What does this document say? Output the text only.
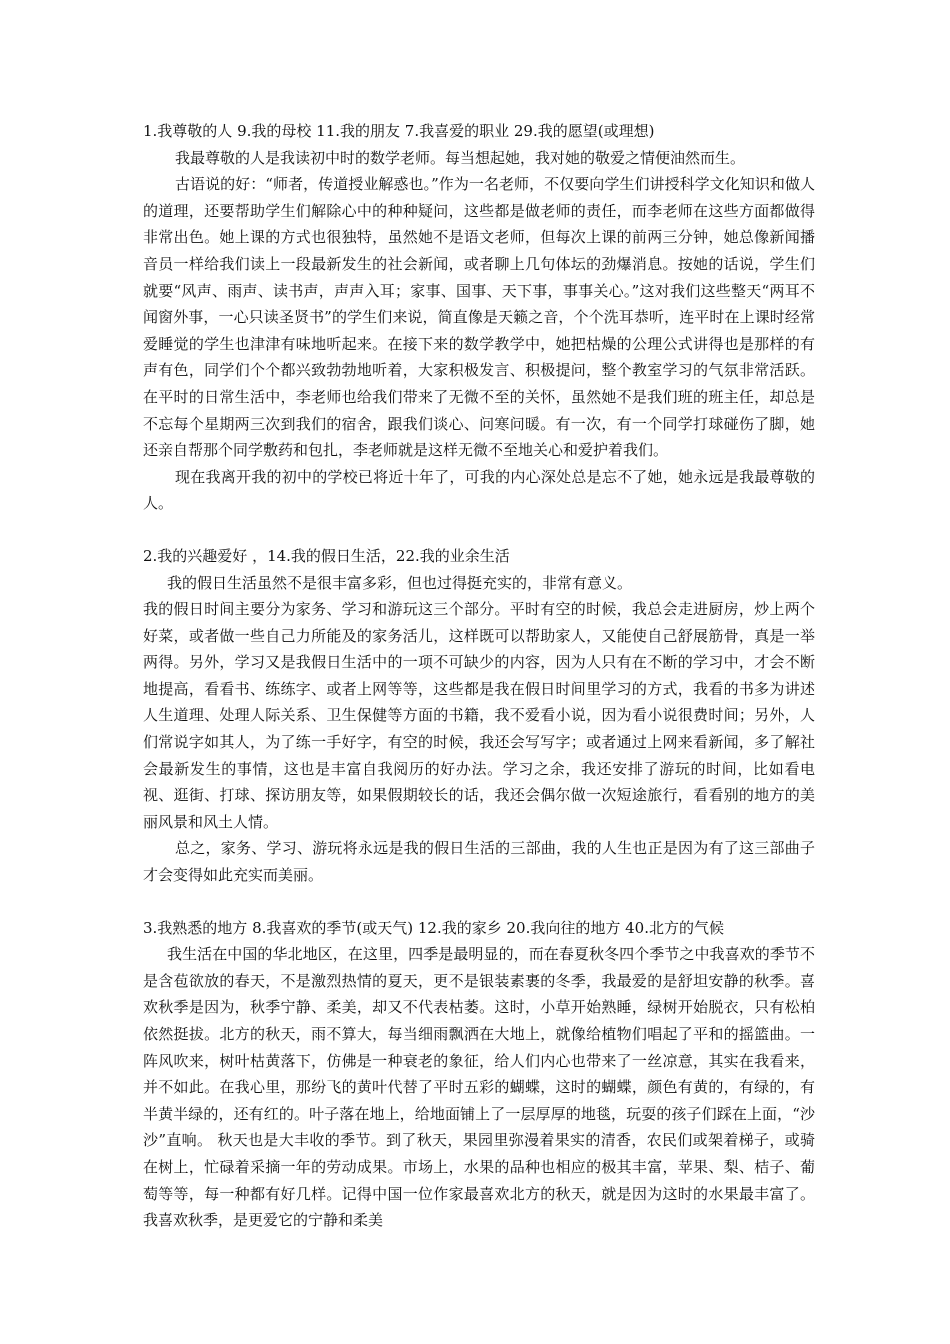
1.我尊敬的人 9.我的母校 11.我的朋友 7.我喜爱的职业 29.我的愿望(或理想)

我最尊敬的人是我读初中时的数学老师。每当想起她，我对她的敬爱之情便油然而生。

古语说的好：“师者，传道授业解惑也。”作为一名老师，不仅要向学生们讲授科学文化知识和做人的道理，还要帮助学生们解除心中的种种疑问，这些都是做老师的责任，而李老师在这些方面都做得非常出色。她上课的方式也很独特，虽然她不是语文老师，但每次上课的前两三分钟，她总像新闻播音员一样给我们读上一段最新发生的社会新闻，或者聊上几句体坛的劲爆消息。按她的话说，学生们就要“风声、雨声、读书声，声声入耳；家事、国事、天下事，事事关心。”这对我们这些整天“两耳不闻窗外事，一心只读圣贤书”的学生们来说，简直像是天籁之音，个个洗耳恭听，连平时在上课时经常爱睡觉的学生也津津有味地听起来。在接下来的数学教学中，她把枯燥的公理公式讲得也是那样的有声有色，同学们个个都兴致勃勃地听着，大家积极发言、积极提问，整个教室学习的气氛非常活跃。在平时的日常生活中，李老师也给我们带来了无微不至的关怀，虽然她不是我们班的班主任，却总是不忘每个星期两三次到我们的宿舍，跟我们谈心、问寒问暖。有一次，有一个同学打球碰伤了脚，她还亲自帮那个同学敷药和包扎，李老师就是这样无微不至地关心和爱护着我们。

现在我离开我的初中的学校已将近十年了，可我的内心深处总是忘不了她，她永远是我最尊敬的人。

2.我的兴趣爱好 ，14.我的假日生活，22.我的业余生活

我的假日生活虽然不是很丰富多彩，但也过得挺充实的，非常有意义。

我的假日时间主要分为家务、学习和游玩这三个部分。平时有空的时候，我总会走进厨房，炒上两个好菜，或者做一些自己力所能及的家务活儿，这样既可以帮助家人，又能使自己舒展筋骨，真是一举两得。另外，学习又是我假日生活中的一项不可缺少的内容，因为人只有在不断的学习中，才会不断地提高，看看书、练练字、或者上网等等，这些都是我在假日时间里学习的方式，我看的书多为讲述人生道理、处理人际关系、卫生保健等方面的书籍，我不爱看小说，因为看小说很费时间；另外，人们常说字如其人，为了练一手好字，有空的时候，我还会写写字；或者通过上网来看新闻，多了解社会最新发生的事情，这也是丰富自我阅历的好办法。学习之余，我还安排了游玩的时间，比如看电视、逛街、打球、探访朋友等，如果假期较长的话，我还会偶尔做一次短途旅行，看看别的地方的美丽风景和风土人情。

总之，家务、学习、游玩将永远是我的假日生活的三部曲，我的人生也正是因为有了这三部曲子才会变得如此充实而美丽。

3.我熟悉的地方 8.我喜欢的季节(或天气) 12.我的家乡 20.我向往的地方 40.北方的气候

我生活在中国的华北地区，在这里，四季是最明显的，而在春夏秋冬四个季节之中我喜欢的季节不是含苞欲放的春天，不是激烈热情的夏天，更不是银装素裹的冬季，我最爱的是舒坦安静的秋季。喜欢秋季是因为，秋季宁静、柔美，却又不代表枯萎。这时，小草开始熟睡，绿树开始脱衣，只有松柏依然挺拔。北方的秋天，雨不算大，每当细雨飘洒在大地上，就像给植物们唱起了平和的摇篮曲。一阵风吹来，树叶枯黄落下，仿佛是一种衰老的象征，给人们内心也带来了一丝凉意，其实在我看来，并不如此。在我心里，那纷飞的黄叶代替了平时五彩的蝴蝶，这时的蝴蝶，颜色有黄的，有绿的，有半黄半绿的，还有红的。叶子落在地上，给地面铺上了一层厚厚的地毯，玩耍的孩子们踩在上面，“沙沙”直响。 秋天也是大丰收的季节。到了秋天，果园里弥漫着果实的清香，农民们或架着梯子，或骑在树上，忙碌着采摘一年的劳动成果。市场上，水果的品种也相应的极其丰富，苹果、梨、桔子、葡萄等等，每一种都有好几样。记得中国一位作家最喜欢北方的秋天，就是因为这时的水果最丰富了。我喜欢秋季，是更爱它的宁静和柔美
